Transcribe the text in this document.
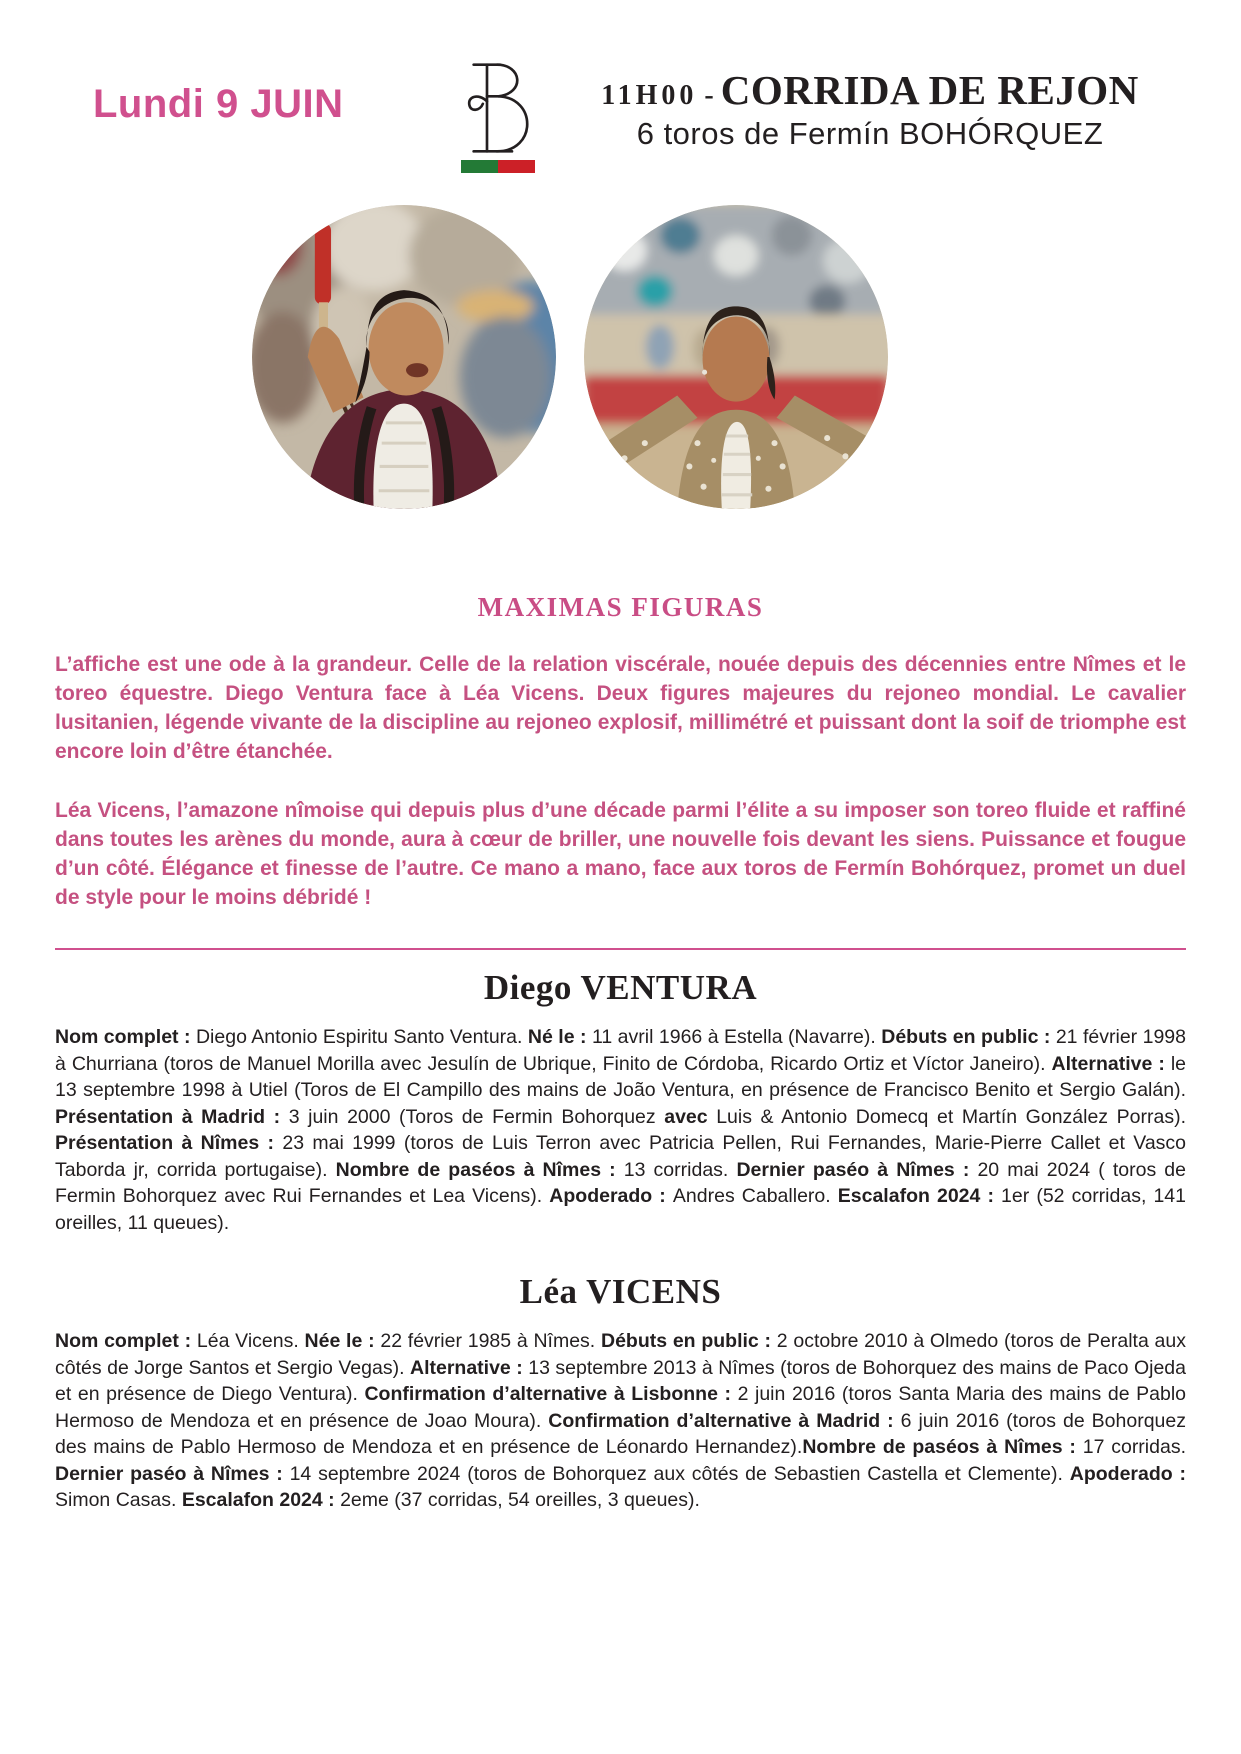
Lundi 9 JUIN	11H00 - CORRIDA DE REJON
6 toros de Fermín BOHÓRQUEZ
MAXIMAS FIGURAS

L’affiche est une ode à la grandeur. Celle de la relation viscérale, nouée depuis des décennies entre Nîmes et le toreo équestre. Diego Ventura face à Léa Vicens. Deux figures majeures du rejoneo mondial. Le cavalier lusitanien, légende vivante de la discipline au rejoneo explosif, millimétré et puissant dont la soif de triomphe est encore loin d’être étanchée.

Léa Vicens, l’amazone nîmoise qui depuis plus d’une décade parmi l’élite a su imposer son toreo fluide et raffiné dans toutes les arènes du monde, aura à cœur de briller, une nouvelle fois devant les siens. Puissance et fougue d’un côté. Élégance et finesse de l’autre. Ce mano a mano, face aux toros de Fermín Bohórquez, promet un duel de style pour le moins débridé !

Diego VENTURA

Nom complet : Diego Antonio Espiritu Santo Ventura. Né le : 11 avril 1966 à Estella (Navarre). Débuts en public : 21 février 1998 à Churriana (toros de Manuel Morilla avec Jesulín de Ubrique, Finito de Córdoba, Ricardo Ortiz et Víctor Janeiro). Alternative : le 13 septembre 1998 à Utiel (Toros de El Campillo des mains de João Ventura, en présence de Francisco Benito et Sergio Galán). Présentation à Madrid : 3 juin 2000 (Toros de Fermin Bohorquez avec Luis & Antonio Domecq et Martín González Porras). Présentation à Nîmes : 23 mai 1999 (toros de Luis Terron avec Patricia Pellen, Rui Fernandes, Marie-Pierre Callet et Vasco Taborda jr, corrida portugaise). Nombre de paséos à Nîmes : 13 corridas. Dernier paséo à Nîmes : 20 mai 2024 ( toros de Fermin Bohorquez avec Rui Fernandes et Lea Vicens). Apoderado : Andres Caballero. Escalafon 2024 : 1er (52 corridas, 141 oreilles, 11 queues).

Léa VICENS

Nom complet : Léa Vicens. Née le : 22 février 1985 à Nîmes. Débuts en public : 2 octobre 2010 à Olmedo (toros de Peralta aux côtés de Jorge Santos et Sergio Vegas). Alternative : 13 septembre 2013 à Nîmes (toros de Bohorquez des mains de Paco Ojeda et en présence de Diego Ventura). Confirmation d’alternative à Lisbonne : 2 juin 2016 (toros Santa Maria des mains de Pablo Hermoso de Mendoza et en présence de Joao Moura). Confirmation d’alternative à Madrid : 6 juin 2016 (toros de Bohorquez des mains de Pablo Hermoso de Mendoza et en présence de Léonardo Hernandez).Nombre de paséos à Nîmes : 17 corridas. Dernier paséo à Nîmes : 14 septembre 2024 (toros de Bohorquez aux côtés de Sebastien Castella et Clemente). Apoderado : Simon Casas. Escalafon 2024 : 2eme (37 corridas, 54 oreilles, 3 queues).
